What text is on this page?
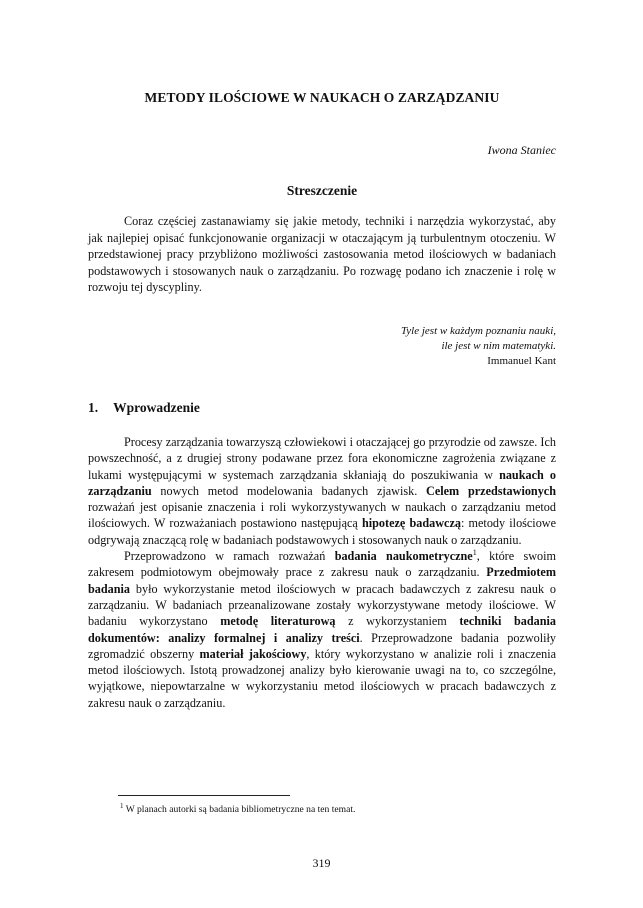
METODY ILOŚCIOWE W NAUKACH O ZARZĄDZANIU
Iwona Staniec
Streszczenie

Coraz częściej zastanawiamy się jakie metody, techniki i narzędzia wykorzystać, aby jak najlepiej opisać funkcjonowanie organizacji w otaczającym ją turbulentnym otoczeniu. W przedstawionej pracy przybliżono możliwości zastosowania metod ilościowych w badaniach podstawowych i stosowanych nauk o zarządzaniu. Po rozwagę podano ich znaczenie i rolę w rozwoju tej dyscypliny.

Tyle jest w każdym poznaniu nauki,
ile jest w nim matematyki.
Immanuel Kant
1. Wprowadzenie

Procesy zarządzania towarzyszą człowiekowi i otaczającej go przyrodzie od zawsze. Ich powszechność, a z drugiej strony podawane przez fora ekonomiczne zagrożenia związane z lukami występującymi w systemach zarządzania skłaniają do poszukiwania w naukach o zarządzaniu nowych metod modelowania badanych zjawisk. Celem przedstawionych rozważań jest opisanie znaczenia i roli wykorzystywanych w naukach o zarządzaniu metod ilościowych. W rozważaniach postawiono następującą hipotezę badawczą: metody ilościowe odgrywają znaczącą rolę w badaniach podstawowych i stosowanych nauk o zarządzaniu.

Przeprowadzono w ramach rozważań badania naukometryczne$^1$, które swoim zakresem podmiotowym obejmowały prace z zakresu nauk o zarządzaniu. Przedmiotem badania było wykorzystanie metod ilościowych w pracach badawczych z zakresu nauk o zarządzaniu. W badaniach przeanalizowane zostały wykorzystywane metody ilościowe. W badaniu wykorzystano metodę literaturową z wykorzystaniem techniki badania dokumentów: analizy formalnej i analizy treści. Przeprowadzone badania pozwoliły zgromadzić obszerny materiał jakościowy, który wykorzystano w analizie roli i znaczenia metod ilościowych. Istotą prowadzonej analizy było kierowanie uwagi na to, co szczególne, wyjątkowe, niepowtarzalne w wykorzystaniu metod ilościowych w pracach badawczych z zakresu nauk o zarządzaniu.

$^1$ W planach autorki są badania bibliometryczne na ten temat.
319
